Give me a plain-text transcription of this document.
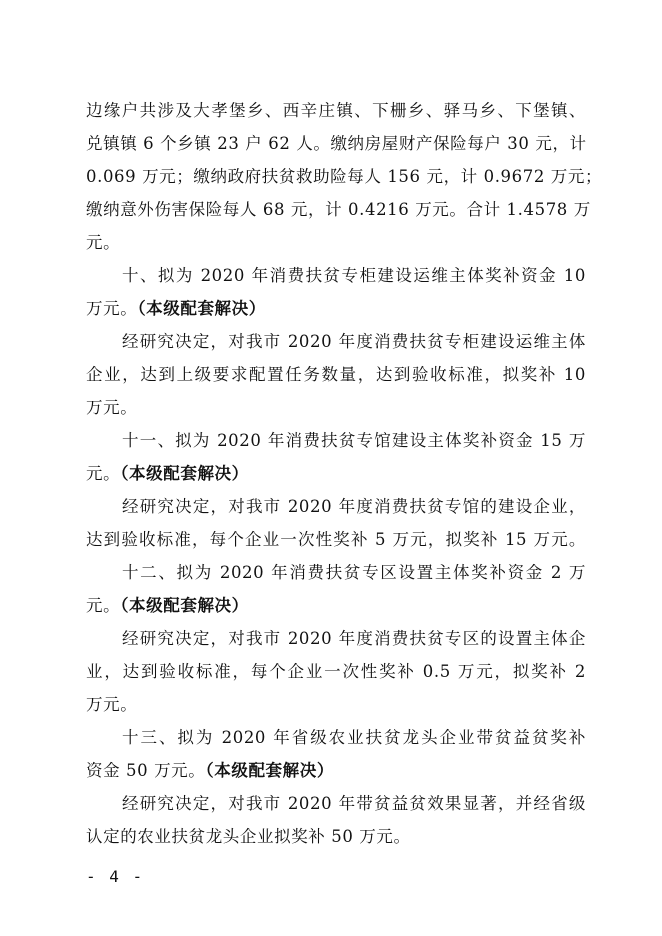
边缘户共涉及大孝堡乡、西辛庄镇、下栅乡、驿马乡、下堡镇、
兑镇镇 6 个乡镇 23 户 62 人。缴纳房屋财产保险每户 30 元，计
0.069 万元；缴纳政府扶贫救助险每人 156 元，计 0.9672 万元；
缴纳意外伤害保险每人 68 元，计 0.4216 万元。合计 1.4578 万
元。
十、拟为 2020 年消费扶贫专柜建设运维主体奖补资金 10
万元。（本级配套解决）
经研究决定，对我市 2020 年度消费扶贫专柜建设运维主体
企业，达到上级要求配置任务数量，达到验收标准，拟奖补 10
万元。
十一、拟为 2020 年消费扶贫专馆建设主体奖补资金 15 万
元。（本级配套解决）
经研究决定，对我市 2020 年度消费扶贫专馆的建设企业，
达到验收标准，每个企业一次性奖补 5 万元，拟奖补 15 万元。
十二、拟为 2020 年消费扶贫专区设置主体奖补资金 2 万
元。（本级配套解决）
经研究决定，对我市 2020 年度消费扶贫专区的设置主体企
业，达到验收标准，每个企业一次性奖补 0.5 万元，拟奖补 2
万元。
十三、拟为 2020 年省级农业扶贫龙头企业带贫益贫奖补
资金 50 万元。（本级配套解决）
经研究决定，对我市 2020 年带贫益贫效果显著，并经省级
认定的农业扶贫龙头企业拟奖补 50 万元。
- 4 -
